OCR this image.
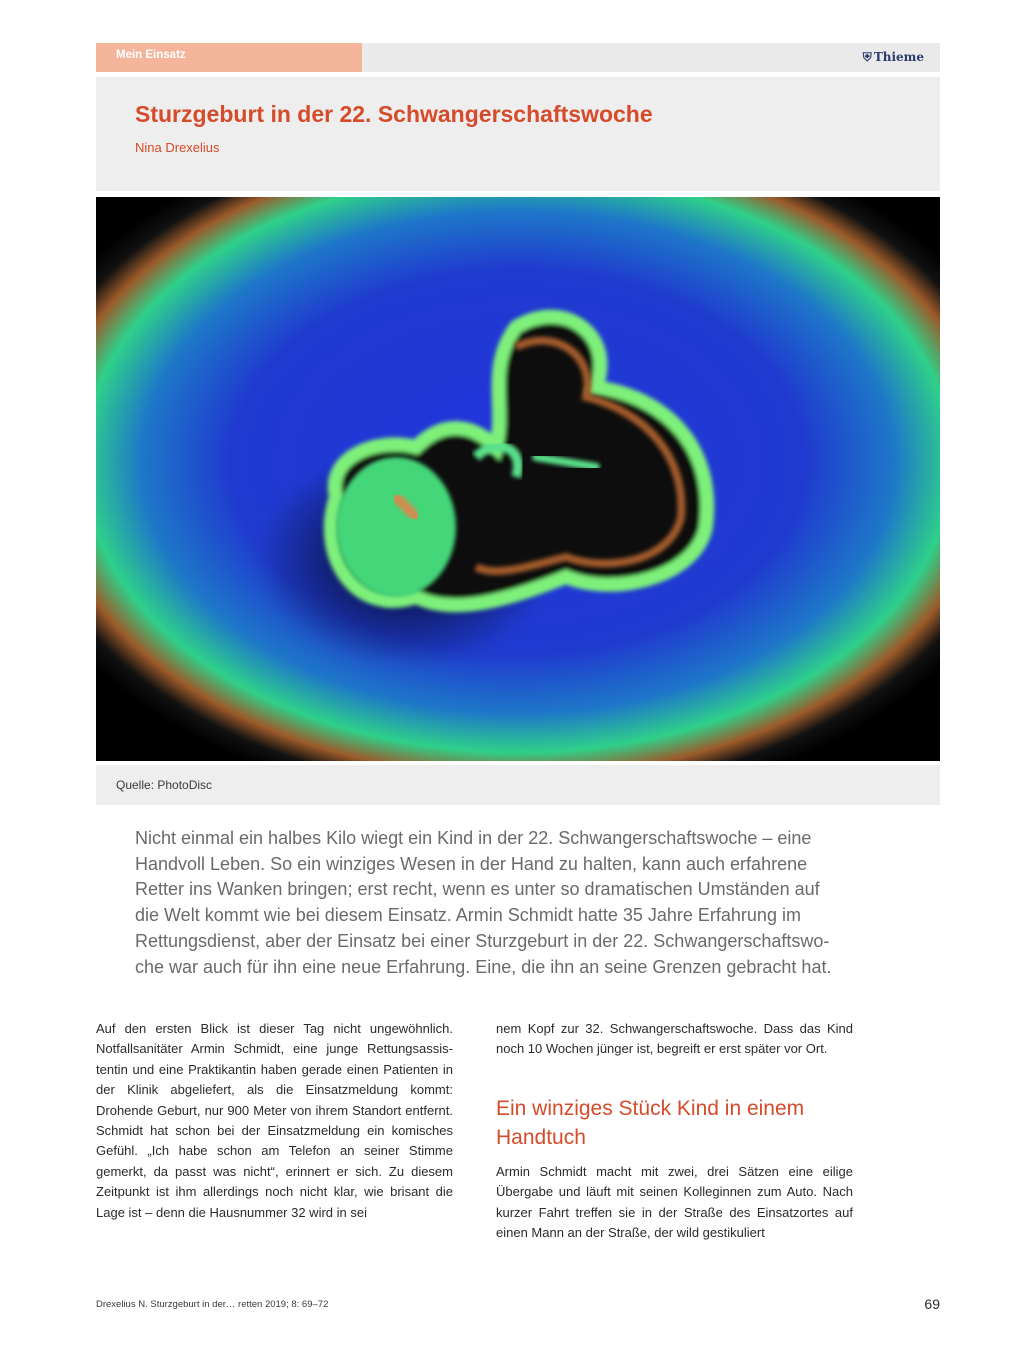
Mein Einsatz	⛨ Thieme
Sturzgeburt in der 22. Schwangerschaftswoche
Nina Drexelius
Quelle: PhotoDisc

Nicht einmal ein halbes Kilo wiegt ein Kind in der 22. Schwangerschaftswoche – eine Handvoll Leben. So ein winziges Wesen in der Hand zu halten, kann auch erfahrene Retter ins Wanken bringen; erst recht, wenn es unter so dramatischen Umständen auf die Welt kommt wie bei diesem Einsatz. Armin Schmidt hatte 35 Jahre Erfahrung im Rettungsdienst, aber der Einsatz bei einer Sturzgeburt in der 22. Schwangerschaftswoche war auch für ihn eine neue Erfahrung. Eine, die ihn an seine Grenzen gebracht hat.

Auf den ersten Blick ist dieser Tag nicht ungewöhnlich. Notfallsanitäter Armin Schmidt, eine junge Rettungsassistentin und eine Praktikantin haben gerade einen Patienten in der Klinik abgeliefert, als die Einsatzmeldung kommt: Drohende Geburt, nur 900 Meter von ihrem Standort entfernt. Schmidt hat schon bei der Einsatzmeldung ein komisches Gefühl. „Ich habe schon am Telefon an seiner Stimme gemerkt, da passt was nicht“, erinnert er sich. Zu diesem Zeitpunkt ist ihm allerdings noch nicht klar, wie brisant die Lage ist – denn die Hausnummer 32 wird in sei

nem Kopf zur 32. Schwangerschaftswoche. Dass das Kind noch 10 Wochen jünger ist, begreift er erst später vor Ort.

Ein winziges Stück Kind in einem Handtuch

Armin Schmidt macht mit zwei, drei Sätzen eine eilige Übergabe und läuft mit seinen Kolleginnen zum Auto. Nach kurzer Fahrt treffen sie in der Straße des Einsatzortes auf einen Mann an der Straße, der wild gestikuliert

Drexelius N. Sturzgeburt in der… retten 2019; 8: 69–72	69
